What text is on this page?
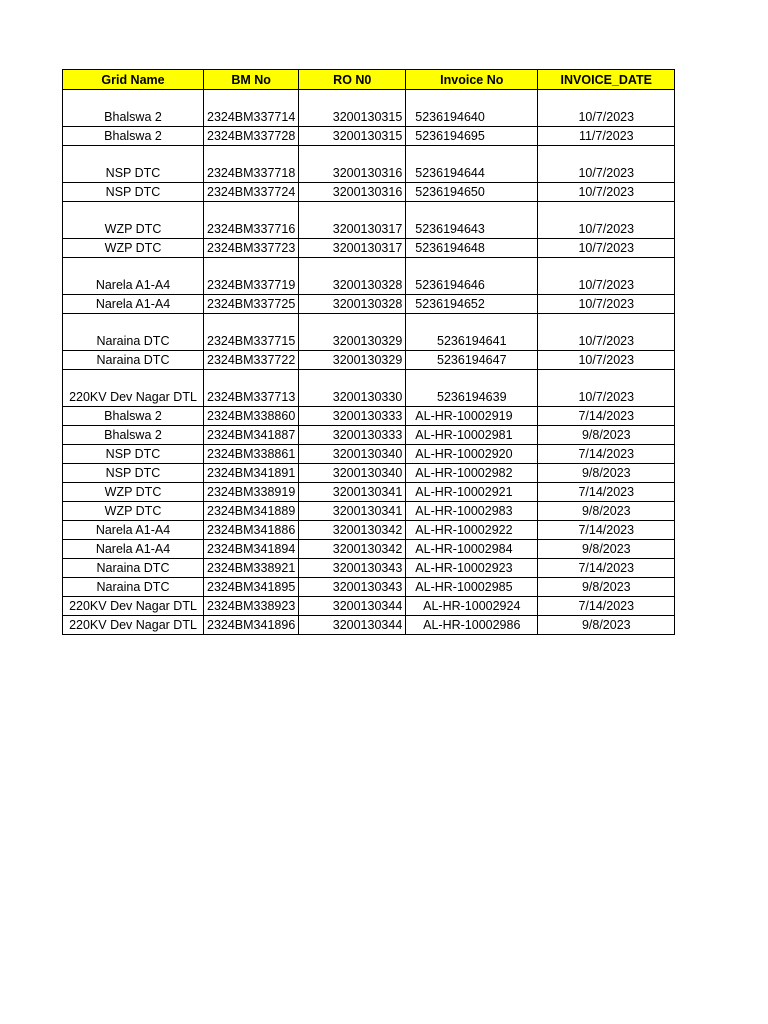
Grid Name	BM No	RO N0	Invoice No	INVOICE_DATE

Bhalswa 2	2324BM337714	3200130315	5236194640	10/7/2023
Bhalswa 2	2324BM337728	3200130315	5236194695	11/7/2023

NSP DTC	2324BM337718	3200130316	5236194644	10/7/2023
NSP DTC	2324BM337724	3200130316	5236194650	10/7/2023

WZP DTC	2324BM337716	3200130317	5236194643	10/7/2023
WZP DTC	2324BM337723	3200130317	5236194648	10/7/2023

Narela A1-A4	2324BM337719	3200130328	5236194646	10/7/2023
Narela A1-A4	2324BM337725	3200130328	5236194652	10/7/2023

Naraina DTC	2324BM337715	3200130329	5236194641	10/7/2023
Naraina DTC	2324BM337722	3200130329	5236194647	10/7/2023

220KV Dev Nagar DTL	2324BM337713	3200130330	5236194639	10/7/2023
Bhalswa 2	2324BM338860	3200130333	AL-HR-10002919	7/14/2023
Bhalswa 2	2324BM341887	3200130333	AL-HR-10002981	9/8/2023
NSP DTC	2324BM338861	3200130340	AL-HR-10002920	7/14/2023
NSP DTC	2324BM341891	3200130340	AL-HR-10002982	9/8/2023
WZP DTC	2324BM338919	3200130341	AL-HR-10002921	7/14/2023
WZP DTC	2324BM341889	3200130341	AL-HR-10002983	9/8/2023
Narela A1-A4	2324BM341886	3200130342	AL-HR-10002922	7/14/2023
Narela A1-A4	2324BM341894	3200130342	AL-HR-10002984	9/8/2023
Naraina DTC	2324BM338921	3200130343	AL-HR-10002923	7/14/2023
Naraina DTC	2324BM341895	3200130343	AL-HR-10002985	9/8/2023
220KV Dev Nagar DTL	2324BM338923	3200130344	AL-HR-10002924	7/14/2023
220KV Dev Nagar DTL	2324BM341896	3200130344	AL-HR-10002986	9/8/2023
